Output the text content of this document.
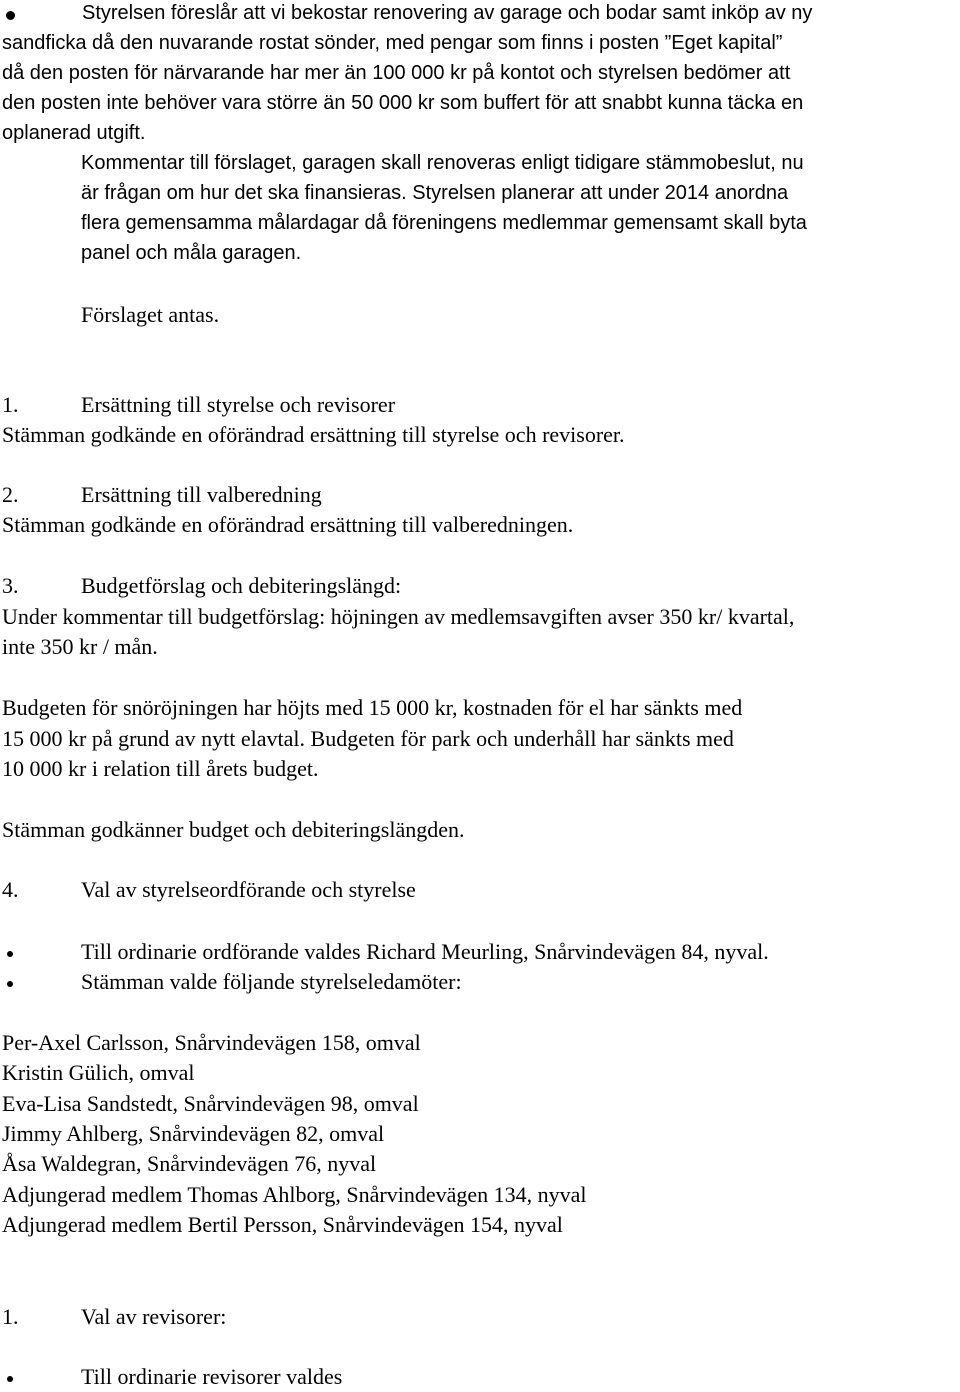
Styrelsen föreslår att vi bekostar renovering av garage och bodar samt inköp av ny
sandficka då den nuvarande rostat sönder, med pengar som finns i posten ”Eget kapital”
då den posten för närvarande har mer än 100 000 kr på kontot och styrelsen bedömer att
den posten inte behöver vara större än 50 000 kr som buffert för att snabbt kunna täcka en
oplanerad utgift.
Kommentar till förslaget, garagen skall renoveras enligt tidigare stämmobeslut, nu
är frågan om hur det ska finansieras. Styrelsen planerar att under 2014 anordna
flera gemensamma målardagar då föreningens medlemmar gemensamt skall byta
panel och måla garagen.
Förslaget antas.
1.	Ersättning till styrelse och revisorer
Stämman godkände en oförändrad ersättning till styrelse och revisorer.
2.	Ersättning till valberedning
Stämman godkände en oförändrad ersättning till valberedningen.
3.	Budgetförslag och debiteringslängd:
Under kommentar till budgetförslag: höjningen av medlemsavgiften avser 350 kr/ kvartal,
inte 350 kr / mån.
Budgeten för snöröjningen har höjts med 15 000 kr, kostnaden för el har sänkts med
15 000 kr på grund av nytt elavtal. Budgeten för park och underhåll har sänkts med
10 000 kr i relation till årets budget.
Stämman godkänner budget och debiteringslängden.
4.	Val av styrelseordförande och styrelse
Till ordinarie ordförande valdes Richard Meurling, Snårvindevägen 84, nyval.
Stämman valde följande styrelseledamöter:
Per-Axel Carlsson, Snårvindevägen 158, omval
Kristin Gülich, omval
Eva-Lisa Sandstedt, Snårvindevägen 98, omval
Jimmy Ahlberg, Snårvindevägen 82, omval
Åsa Waldegran, Snårvindevägen 76, nyval
Adjungerad medlem Thomas Ahlborg, Snårvindevägen 134, nyval
Adjungerad medlem Bertil Persson, Snårvindevägen 154, nyval
1.	Val av revisorer:
Till ordinarie revisorer valdes
